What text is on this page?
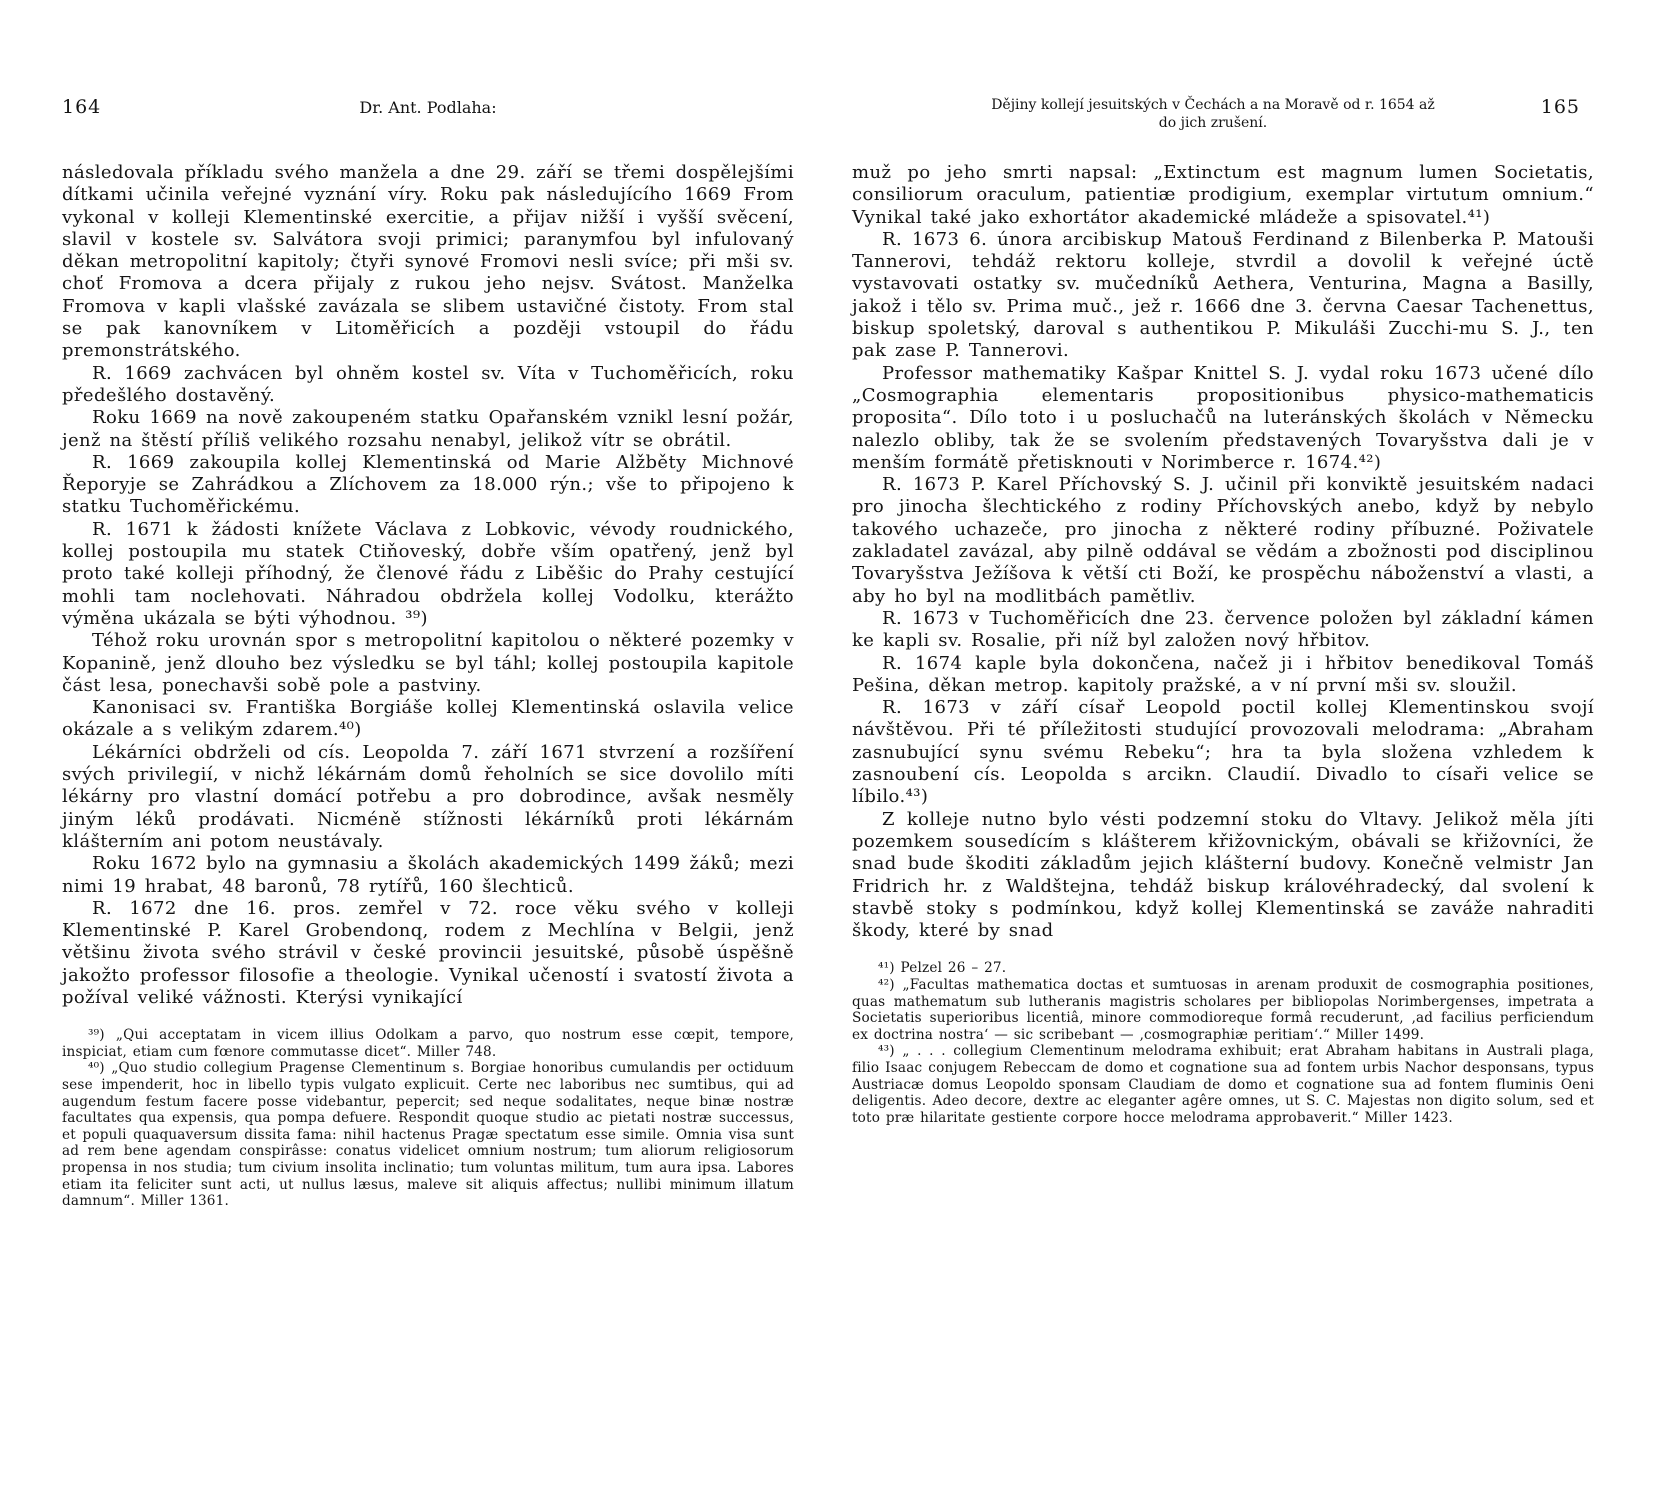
164	Dr. Ant. Podlaha:

následovala příkladu svého manžela a dne 29. září se třemi dospělejšími dítkami učinila veřejné vyznání víry. Roku pak následujícího 1669 From vykonal v kolleji Klementinské exercitie, a přijav nižší i vyšší svěcení, slavil v kostele sv. Salvátora svoji primici; paranymfou byl infulovaný děkan metropolitní kapitoly; čtyři synové Fromovi nesli svíce; při mši sv. choť Fromova a dcera přijaly z rukou jeho nejsv. Svátost. Manželka Fromova v kapli vlašské zavázala se slibem ustavičné čistoty. From stal se pak kanovníkem v Litoměřicích a později vstoupil do řádu premonstrátského.

R. 1669 zachvácen byl ohněm kostel sv. Víta v Tuchoměřicích, roku předešlého dostavěný.

Roku 1669 na nově zakoupeném statku Opařanském vznikl lesní požár, jenž na štěstí příliš velikého rozsahu nenabyl, jelikož vítr se obrátil.

R. 1669 zakoupila kollej Klementinská od Marie Alžběty Michnové Řeporyje se Zahrádkou a Zlíchovem za 18.000 rýn.; vše to připojeno k statku Tuchoměřickému.

R. 1671 k žádosti knížete Václava z Lobkovic, vévody roudnického, kollej postoupila mu statek Ctiňoveský, dobře vším opatřený, jenž byl proto také kolleji příhodný, že členové řádu z Liběšic do Prahy cestující mohli tam noclehovati. Náhradou obdržela kollej Vodolku, kterážto výměna ukázala se býti výhodnou. ³⁹)

Téhož roku urovnán spor s metropolitní kapitolou o některé pozemky v Kopanině, jenž dlouho bez výsledku se byl táhl; kollej postoupila kapitole část lesa, ponechavši sobě pole a pastviny.

Kanonisaci sv. Františka Borgiáše kollej Klementinská oslavila velice okázale a s velikým zdarem.⁴⁰)

Lékárníci obdrželi od cís. Leopolda 7. září 1671 stvrzení a rozšíření svých privilegií, v nichž lékárnám domů řeholních se sice dovolilo míti lékárny pro vlastní domácí potřebu a pro dobrodince, avšak nesměly jiným léků prodávati. Nicméně stížnosti lékárníků proti lékárnám klášterním ani potom neustávaly.

Roku 1672 bylo na gymnasiu a školách akademických 1499 žáků; mezi nimi 19 hrabat, 48 baronů, 78 rytířů, 160 šlechticů.

R. 1672 dne 16. pros. zemřel v 72. roce věku svého v kolleji Klementinské P. Karel Grobendonq, rodem z Mechlína v Belgii, jenž většinu života svého strávil v české provincii jesuitské, působě úspěšně jakožto professor filosofie a theologie. Vynikal učeností i svatostí života a požíval veliké vážnosti. Kterýsi vynikající

³⁹) „Qui acceptatam in vicem illius Odolkam a parvo, quo nostrum esse cœpit, tempore, inspiciat, etiam cum fœnore commutasse dicet“. Miller 748.

⁴⁰) „Quo studio collegium Pragense Clementinum s. Borgiae honoribus cumulandis per octiduum sese impenderit, hoc in libello typis vulgato explicuit. Certe nec laboribus nec sumtibus, qui ad augendum festum facere posse videbantur, pepercit; sed neque sodalitates, neque binæ nostræ facultates qua expensis, qua pompa defuere. Respondit quoque studio ac pietati nostræ successus, et populi quaquaversum dissita fama: nihil hactenus Pragæ spectatum esse simile. Omnia visa sunt ad rem bene agendam conspirâsse: conatus videlicet omnium nostrum; tum aliorum religiosorum propensa in nos studia; tum civium insolita inclinatio; tum voluntas militum, tum aura ipsa. Labores etiam ita feliciter sunt acti, ut nullus læsus, maleve sit aliquis affectus; nullibi minimum illatum damnum“. Miller 1361.

165
Dějiny kollejí jesuitských v Čechách a na Moravě od r. 1654 až
do jich zrušení.

muž po jeho smrti napsal: „Extinctum est magnum lumen Societatis, consiliorum oraculum, patientiæ prodigium, exemplar virtutum omnium.“ Vynikal také jako exhortátor akademické mládeže a spisovatel.⁴¹)

R. 1673 6. února arcibiskup Matouš Ferdinand z Bilenberka P. Matouši Tannerovi, tehdáž rektoru kolleje, stvrdil a dovolil k veřejné úctě vystavovati ostatky sv. mučedníků Aethera, Venturina, Magna a Basilly, jakož i tělo sv. Prima muč., jež r. 1666 dne 3. června Caesar Tachenettus, biskup spoletský, daroval s authentikou P. Mikuláši Zucchi-mu S. J., ten pak zase P. Tannerovi.

Professor mathematiky Kašpar Knittel S. J. vydal roku 1673 učené dílo „Cosmographia elementaris propositionibus physico-mathematicis proposita“. Dílo toto i u posluchačů na luteránských školách v Německu nalezlo obliby, tak že se svolením představených Tovaryšstva dali je v menším formátě přetisknouti v Norimberce r. 1674.⁴²)

R. 1673 P. Karel Příchovský S. J. učinil při konviktě jesuitském nadaci pro jinocha šlechtického z rodiny Příchovských anebo, když by nebylo takového uchazeče, pro jinocha z některé rodiny příbuzné. Poživatele zakladatel zavázal, aby pilně oddával se vědám a zbožnosti pod disciplinou Tovaryšstva Ježíšova k větší cti Boží, ke prospěchu náboženství a vlasti, a aby ho byl na modlitbách pamětliv.

R. 1673 v Tuchoměřicích dne 23. července položen byl základní kámen ke kapli sv. Rosalie, při níž byl založen nový hřbitov.

R. 1674 kaple byla dokončena, načež ji i hřbitov benedikoval Tomáš Pešina, děkan metrop. kapitoly pražské, a v ní první mši sv. sloužil.

R. 1673 v září císař Leopold poctil kollej Klementinskou svojí návštěvou. Při té příležitosti studující provozovali melodrama: „Abraham zasnubující synu svému Rebeku“; hra ta byla složena vzhledem k zasnoubení cís. Leopolda s arcikn. Claudií. Divadlo to císaři velice se líbilo.⁴³)

Z kolleje nutno bylo vésti podzemní stoku do Vltavy. Jelikož měla jíti pozemkem sousedícím s klášterem křižovnickým, obávali se křižovníci, že snad bude škoditi základům jejich klášterní budovy. Konečně velmistr Jan Fridrich hr. z Waldštejna, tehdáž biskup královéhradecký, dal svolení k stavbě stoky s podmínkou, když kollej Klementinská se zaváže nahraditi škody, které by snad

⁴¹) Pelzel 26 – 27.

⁴²) „Facultas mathematica doctas et sumtuosas in arenam produxit de cosmographia positiones, quas mathematum sub lutheranis magistris scholares per bibliopolas Norimbergenses, impetrata a Societatis superioribus licentiâ, minore commodioreque formâ recuderunt, ‚ad facilius perficiendum ex doctrina nostra‘ — sic scribebant — ‚cosmographiæ peritiam‘.“ Miller 1499.

⁴³) „ . . . collegium Clementinum melodrama exhibuit; erat Abraham habitans in Australi plaga, filio Isaac conjugem Rebeccam de domo et cognatione sua ad fontem urbis Nachor desponsans, typus Austriacæ domus Leopoldo sponsam Claudiam de domo et cognatione sua ad fontem fluminis Oeni deligentis. Adeo decore, dextre ac eleganter agêre omnes, ut S. C. Majestas non digito solum, sed et toto præ hilaritate gestiente corpore hocce melodrama approbaverit.“ Miller 1423.
